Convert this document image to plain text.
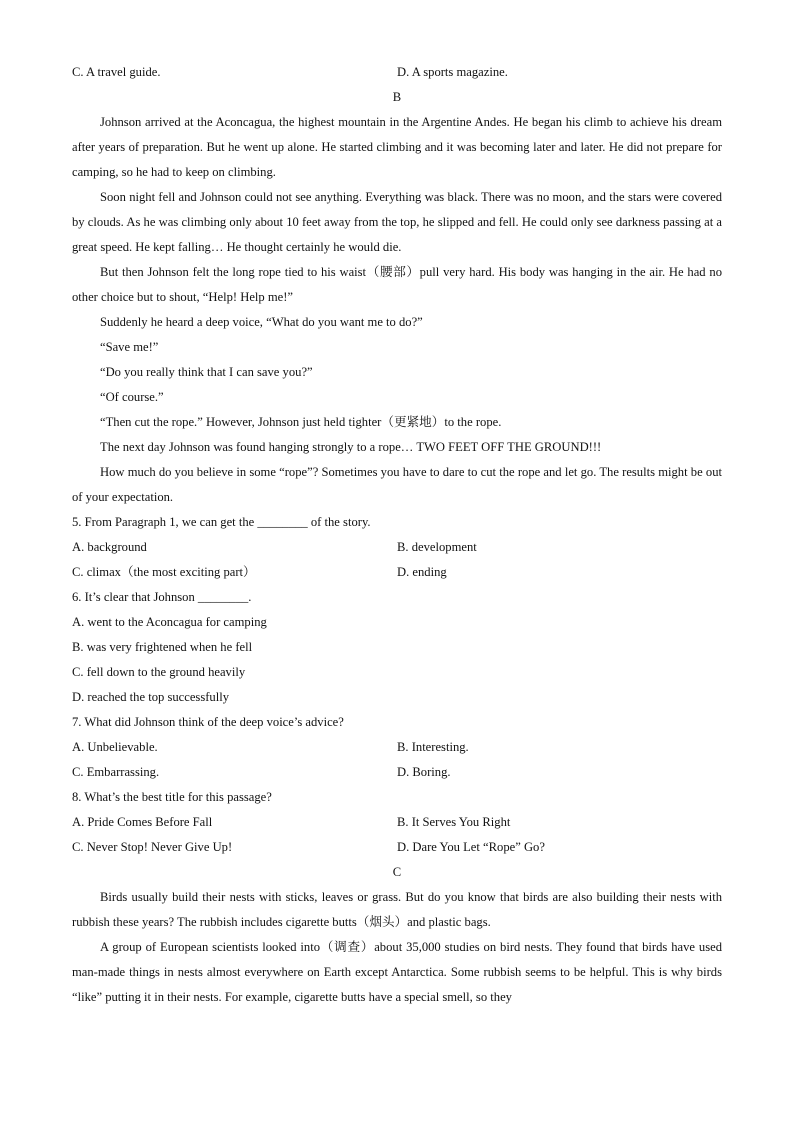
C. A travel guide.	D. A sports magazine.
B
Johnson arrived at the Aconcagua, the highest mountain in the Argentine Andes. He began his climb to achieve his dream after years of preparation. But he went up alone. He started climbing and it was becoming later and later. He did not prepare for camping, so he had to keep on climbing.
Soon night fell and Johnson could not see anything. Everything was black. There was no moon, and the stars were covered by clouds. As he was climbing only about 10 feet away from the top, he slipped and fell. He could only see darkness passing at a great speed. He kept falling… He thought certainly he would die.
But then Johnson felt the long rope tied to his waist（腰部）pull very hard. His body was hanging in the air. He had no other choice but to shout, “Help! Help me!”
Suddenly he heard a deep voice, “What do you want me to do?”
“Save me!”
“Do you really think that I can save you?”
“Of course.”
“Then cut the rope.” However, Johnson just held tighter（更紧地）to the rope.
The next day Johnson was found hanging strongly to a rope… TWO FEET OFF THE GROUND!!!
How much do you believe in some “rope”? Sometimes you have to dare to cut the rope and let go. The results might be out of your expectation.
5. From Paragraph 1, we can get the ________ of the story.
A. background	B. development
C. climax（the most exciting part）	D. ending
6. It’s clear that Johnson ________.
A. went to the Aconcagua for camping
B. was very frightened when he fell
C. fell down to the ground heavily
D. reached the top successfully
7. What did Johnson think of the deep voice’s advice?
A. Unbelievable.	B. Interesting.
C. Embarrassing.	D. Boring.
8. What’s the best title for this passage?
A. Pride Comes Before Fall	B. It Serves You Right
C. Never Stop! Never Give Up!	D. Dare You Let “Rope” Go?
C
Birds usually build their nests with sticks, leaves or grass. But do you know that birds are also building their nests with rubbish these years? The rubbish includes cigarette butts（烟头）and plastic bags.
A group of European scientists looked into（调查）about 35,000 studies on bird nests. They found that birds have used man-made things in nests almost everywhere on Earth except Antarctica. Some rubbish seems to be helpful. This is why birds “like” putting it in their nests. For example, cigarette butts have a special smell, so they
